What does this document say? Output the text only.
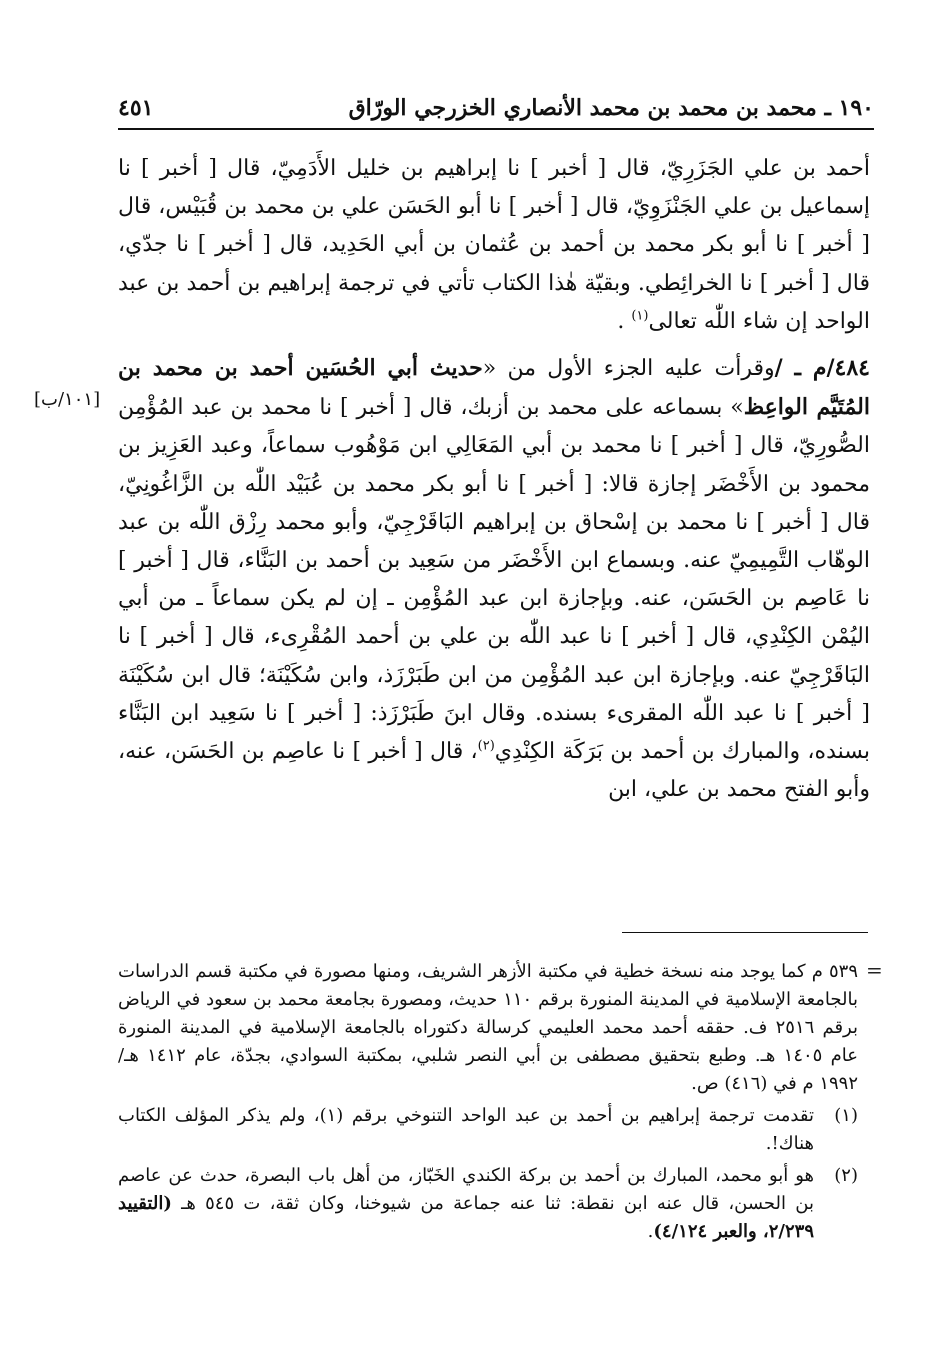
١٩٠ ـ محمد بن محمد بن محمد الأنصاري الخزرجي الورّاق
٤٥١

أحمد بن علي الجَزَرِيّ، قال [ أخبر ] نا إبراهيم بن خليل الأَدَمِيّ، قال [ أخبر ] نا إسماعيل بن علي الجَنْزَوِيّ، قال [ أخبر ] نا أبو الحَسَن علي بن محمد بن قُبَيْس، قال [ أخبر ] نا أبو بكر محمد بن أحمد بن عُثمان بن أبي الحَدِيد، قال [ أخبر ] نا جدّي، قال [ أخبر ] نا الخرائِطي. وبقيّة هٰذا الكتاب تأتي في ترجمة إبراهيم بن أحمد بن عبد الواحد إن شاء اللّٰه تعالى$^{(١)}$ .

٤٨٤/م ـ /وقرأت عليه الجزء الأول من «حديث أبي الحُسَين أحمد بن محمد بن المُتَيَّم الواعِظ» بسماعه على محمد بن أزبك، قال [ أخبر ] نا محمد بن عبد المُؤْمِن الصُّورِيّ، قال [ أخبر ] نا محمد بن أبي المَعَالِي ابن مَوْهُوب سماعاً، وعبد العَزِيز بن محمود بن الأَخْضَر إجازة قالا: [ أخبر ] نا أبو بكر محمد بن عُبَيْد اللّٰه بن الزَّاغُونِيّ، قال [ أخبر ] نا محمد بن إسْحاق بن إبراهيم البَاقَرْجِيّ، وأبو محمد رِزْق اللّٰه بن عبد الوهّاب التَّمِيمِيّ عنه. وبسماع ابن الأَخْضَر من سَعِيد بن أحمد بن البَنَّاء، قال [ أخبر ] نا عَاصِم بن الحَسَن، عنه. وبإجازة ابن عبد المُؤْمِن ـ إن لم يكن سماعاً ـ من أبي اليُمْن الكِنْدِي، قال [ أخبر ] نا عبد اللّٰه بن علي بن أحمد المُقْرِىء، قال [ أخبر ] نا البَاقَرْجِيّ عنه. وبإجازة ابن عبد المُؤْمِن من ابن طَبَرْزَذ، وابن سُكَيْنَة؛ قال ابن سُكَيْنَة [ أخبر ] نا عبد اللّٰه المقرىء بسنده. وقال ابنَ طَبَرْزَذ: [ أخبر ] نا سَعِيد ابن البَنَّاء بسنده، والمبارك بن أحمد بن بَرَكَة الكِنْدِي$^{(٢)}$، قال [ أخبر ] نا عاصِم بن الحَسَن، عنه، وأبو الفتح محمد بن علي، ابن

[١٠١/ب]
=

٥٣٩ م كما يوجد منه نسخة خطية في مكتبة الأزهر الشريف، ومنها مصورة في مكتبة قسم الدراسات بالجامعة الإسلامية في المدينة المنورة برقم ١١٠ حديث، ومصورة بجامعة محمد بن سعود في الرياض برقم ٢٥١٦ ف. حققه أحمد محمد العليمي كرسالة دكتوراه بالجامعة الإسلامية في المدينة المنورة عام ١٤٠٥ هـ. وطبع بتحقيق مصطفى بن أبي النصر شلبي، بمكتبة السوادي، بجدّة، عام ١٤١٢ هـ/١٩٩٢ م في (٤١٦) ص.

(١)
تقدمت ترجمة إبراهيم بن أحمد بن عبد الواحد التنوخي برقم (١)، ولم يذكر المؤلف الكتاب هناك!.
(٢)
هو أبو محمد، المبارك بن أحمد بن بركة الكندي الخَبّاز، من أهل باب البصرة، حدث عن عاصم بن الحسن، قال عنه ابن نقطة: ثنا عنه جماعة من شيوخنا، وكان ثقة، ت ٥٤٥ هـ (التقييد ٢/٢٣٩، والعبر ٤/١٢٤).
